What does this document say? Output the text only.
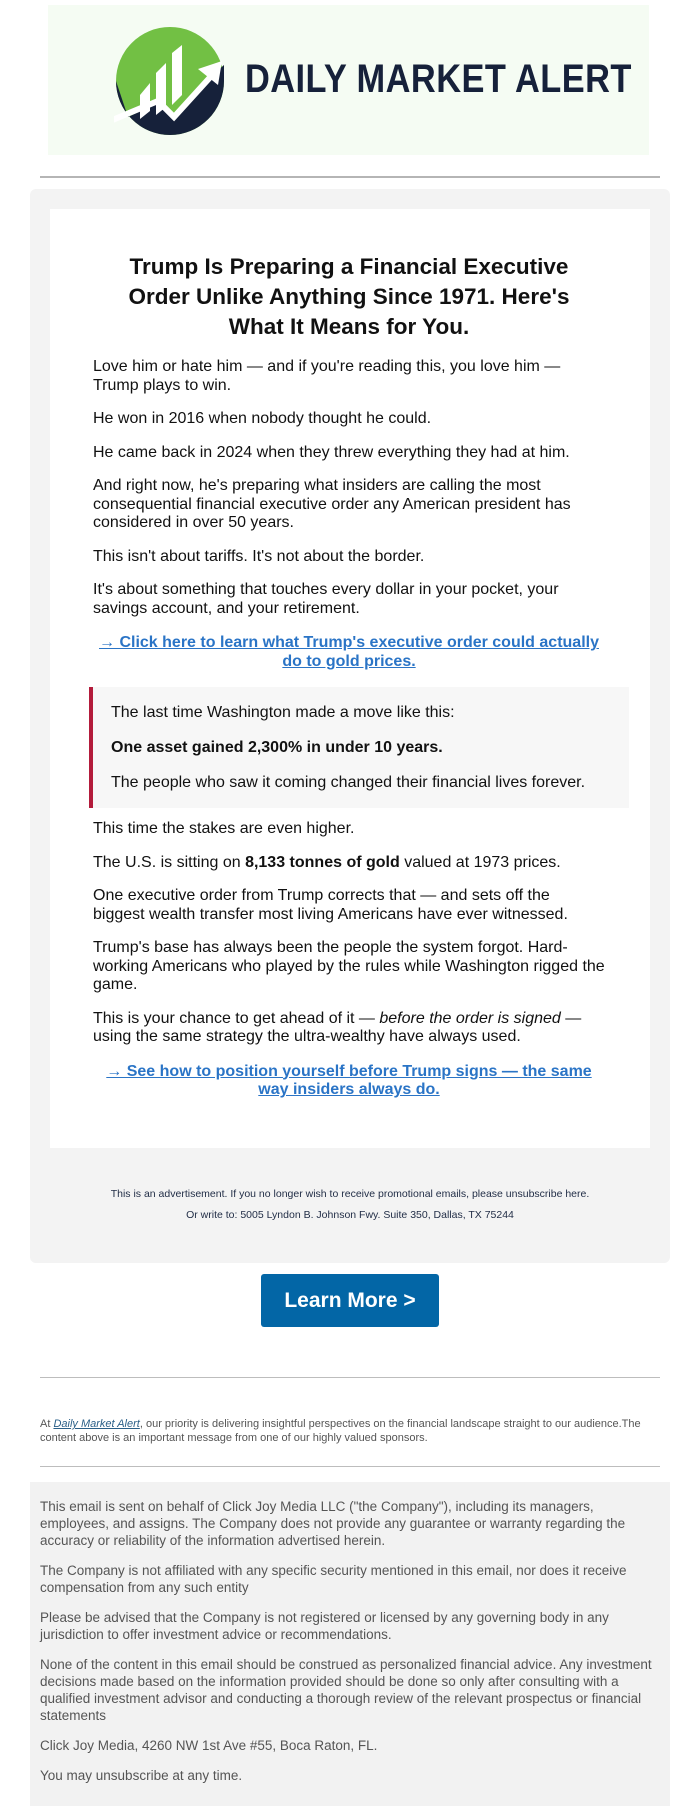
DAILY MARKET ALERT
Trump Is Preparing a Financial Executive Order Unlike Anything Since 1971. Here's What It Means for You.

Love him or hate him — and if you're reading this, you love him — Trump plays to win.

He won in 2016 when nobody thought he could.

He came back in 2024 when they threw everything they had at him.

And right now, he's preparing what insiders are calling the most consequential financial executive order any American president has considered in over 50 years.

This isn't about tariffs. It's not about the border.

It's about something that touches every dollar in your pocket, your savings account, and your retirement.

→ Click here to learn what Trump's executive order could actually do to gold prices.

The last time Washington made a move like this:

One asset gained 2,300% in under 10 years.

The people who saw it coming changed their financial lives forever.

This time the stakes are even higher.

The U.S. is sitting on 8,133 tonnes of gold valued at 1973 prices.

One executive order from Trump corrects that — and sets off the biggest wealth transfer most living Americans have ever witnessed.

Trump's base has always been the people the system forgot. Hard-working Americans who played by the rules while Washington rigged the game.

This is your chance to get ahead of it — before the order is signed — using the same strategy the ultra-wealthy have always used.

→ See how to position yourself before Trump signs — the same way insiders always do.

This is an advertisement. If you no longer wish to receive promotional emails, please unsubscribe here.

Or write to: 5005 Lyndon B. Johnson Fwy. Suite 350, Dallas, TX 75244

Learn More >

At Daily Market Alert, our priority is delivering insightful perspectives on the financial landscape straight to our audience.The content above is an important message from one of our highly valued sponsors.

This email is sent on behalf of Click Joy Media LLC ("the Company"), including its managers, employees, and assigns. The Company does not provide any guarantee or warranty regarding the accuracy or reliability of the information advertised herein.

The Company is not affiliated with any specific security mentioned in this email, nor does it receive compensation from any such entity

Please be advised that the Company is not registered or licensed by any governing body in any jurisdiction to offer investment advice or recommendations.

None of the content in this email should be construed as personalized financial advice. Any investment decisions made based on the information provided should be done so only after consulting with a qualified investment advisor and conducting a thorough review of the relevant prospectus or financial statements

Click Joy Media, 4260 NW 1st Ave #55, Boca Raton, FL.

You may unsubscribe at any time.
